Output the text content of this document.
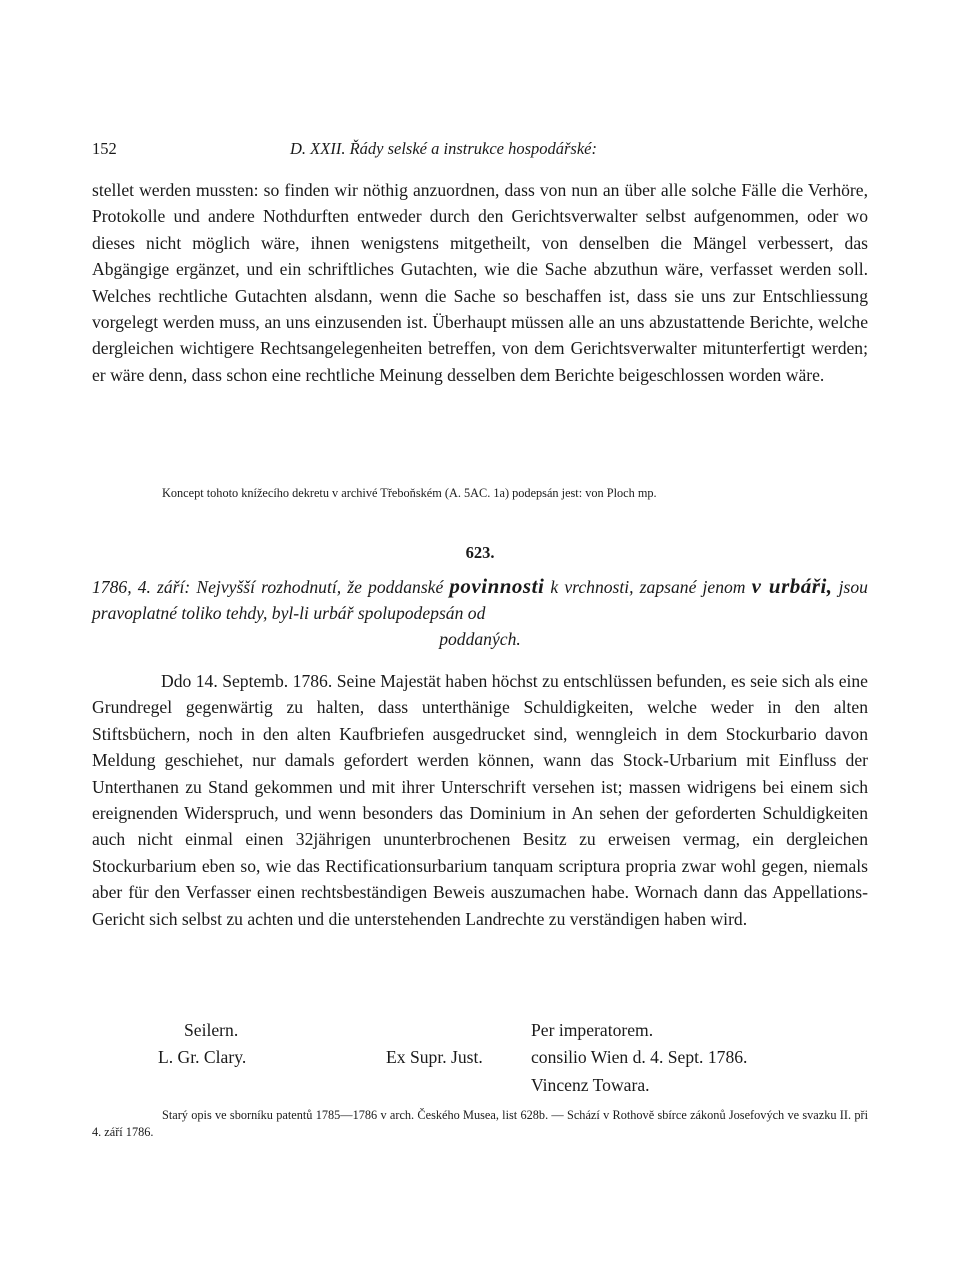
152	D. XXII. Řády selské a instrukce hospodářské:

stellet werden mussten: so finden wir nöthig anzuordnen, dass von nun an über alle solche Fälle die Verhöre, Protokolle und andere Nothdurften entweder durch den Gerichtsverwalter selbst aufgenommen, oder wo dieses nicht möglich wäre, ihnen wenigstens mitgetheilt, von denselben die Mängel verbessert, das Abgängige ergänzet, und ein schriftliches Gutachten, wie die Sache abzuthun wäre, verfasset werden soll. Welches rechtliche Gutachten alsdann, wenn die Sache so beschaffen ist, dass sie uns zur Entschliessung vorgelegt werden muss, an uns einzusenden ist. Überhaupt müssen alle an uns abzustattende Berichte, welche dergleichen wichtigere Rechtsangelegenheiten betreffen, von dem Gerichtsverwalter mitunterfertigt werden; er wäre denn, dass schon eine rechtliche Meinung desselben dem Berichte beigeschlossen worden wäre.

Koncept tohoto knížecího dekretu v archivé Třeboňském (A. 5AC. 1a) podepsán jest: von Ploch mp.

623.
1786, 4. září: Nejvyšší rozhodnutí, že poddanské povinnosti k vrchnosti, zapsané jenom v urbáři, jsou pravoplatné toliko tehdy, byl-li urbář spolupodepsán od
poddaných.

Ddo 14. Septemb. 1786. Seine Majestät haben höchst zu entschlüssen befunden, es seie sich als eine Grundregel gegenwärtig zu halten, dass unterthänige Schuldigkeiten, welche weder in den alten Stiftsbüchern, noch in den alten Kaufbriefen ausgedrucket sind, wenngleich in dem Stockurbario davon Meldung geschiehet, nur damals gefordert werden können, wann das Stock-Urbarium mit Einfluss der Unterthanen zu Stand gekommen und mit ihrer Unterschrift versehen ist; massen widrigens bei einem sich ereignenden Widerspruch, und wenn besonders das Dominium in An sehen der geforderten Schuldigkeiten auch nicht einmal einen 32jährigen ununterbrochenen Besitz zu erweisen vermag, ein dergleichen Stockurbarium eben so, wie das Rectificationsurbarium tanquam scriptura propria zwar wohl gegen, niemals aber für den Verfasser einen rechtsbeständigen Beweis auszumachen habe. Wornach dann das Appellations-Gericht sich selbst zu achten und die unterstehenden Landrechte zu verständigen haben wird.

Seilern.	Per imperatorem.
L. Gr. Clary.	Ex Supr. Just.	consilio Wien d. 4. Sept. 1786.
Vincenz Towara.

Starý opis ve sborníku patentů 1785—1786 v arch. Českého Musea, list 628b. — Schází v Rothově sbírce zákonů Josefových ve svazku II. při 4. září 1786.
